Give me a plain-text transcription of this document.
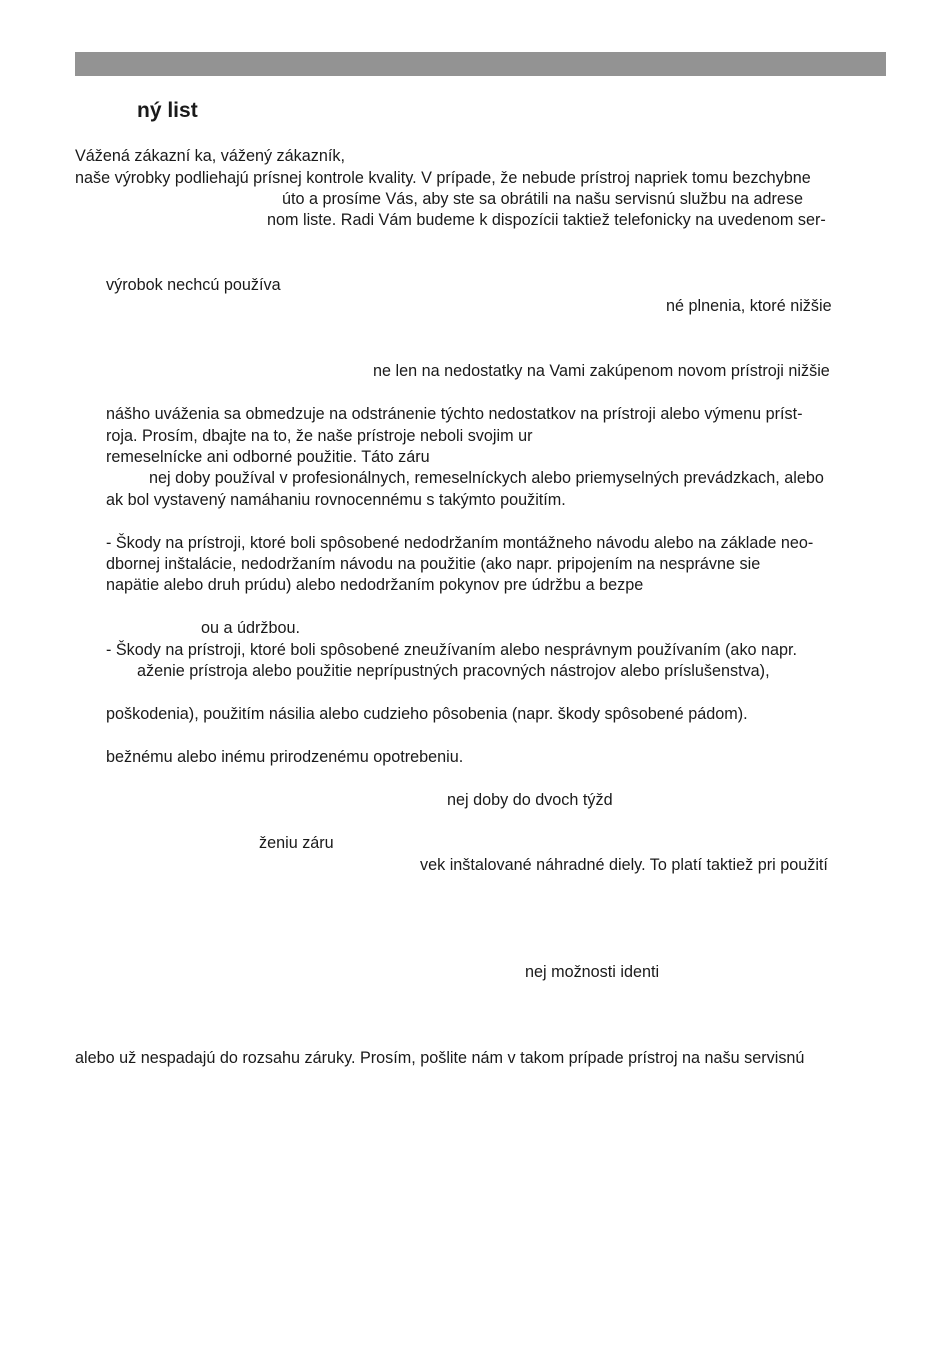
ný list
Vážená zákazní ka, vážený zákazník,
naše výrobky podliehajú prísnej kontrole kvality. V prípade, že nebude prístroj napriek tomu bezchybne
úto a prosíme Vás, aby ste sa obrátili na našu servisnú službu na adrese
nom liste. Radi Vám budeme k dispozícii taktiež telefonicky na uvedenom ser-
výrobok nechcú používa
né plnenia, ktoré nižšie
ne len na nedostatky na Vami zakúpenom novom prístroji nižšie
nášho uváženia sa obmedzuje na odstránenie týchto nedostatkov na prístroji alebo výmenu príst-
roja. Prosím, dbajte na to, že naše prístroje neboli svojim ur
remeselnícke ani odborné použitie. Táto záru
nej doby používal v profesionálnych, remeselníckych alebo priemyselných prevádzkach, alebo
ak bol vystavený namáhaniu rovnocennému s takýmto použitím.
- Škody na prístroji, ktoré boli spôsobené nedodržaním montážneho návodu alebo na základe neo-
dbornej inštalácie, nedodržaním návodu na použitie (ako napr. pripojením na nesprávne sie
napätie alebo druh prúdu) alebo nedodržaním pokynov pre údržbu a bezpe
ou a údržbou.
- Škody na prístroji, ktoré boli spôsobené zneužívaním alebo nesprávnym používaním (ako napr.
aženie prístroja alebo použitie neprípustných pracovných nástrojov alebo príslušenstva),
poškodenia), použitím násilia alebo cudzieho pôsobenia (napr. škody spôsobené pádom).
bežnému alebo inému prirodzenému opotrebeniu.
nej doby do dvoch týžd
ženiu záru
vek inštalované náhradné diely. To platí taktiež pri použití
nej možnosti identi
alebo už nespadajú do rozsahu záruky. Prosím, pošlite nám v takom prípade prístroj na našu servisnú
